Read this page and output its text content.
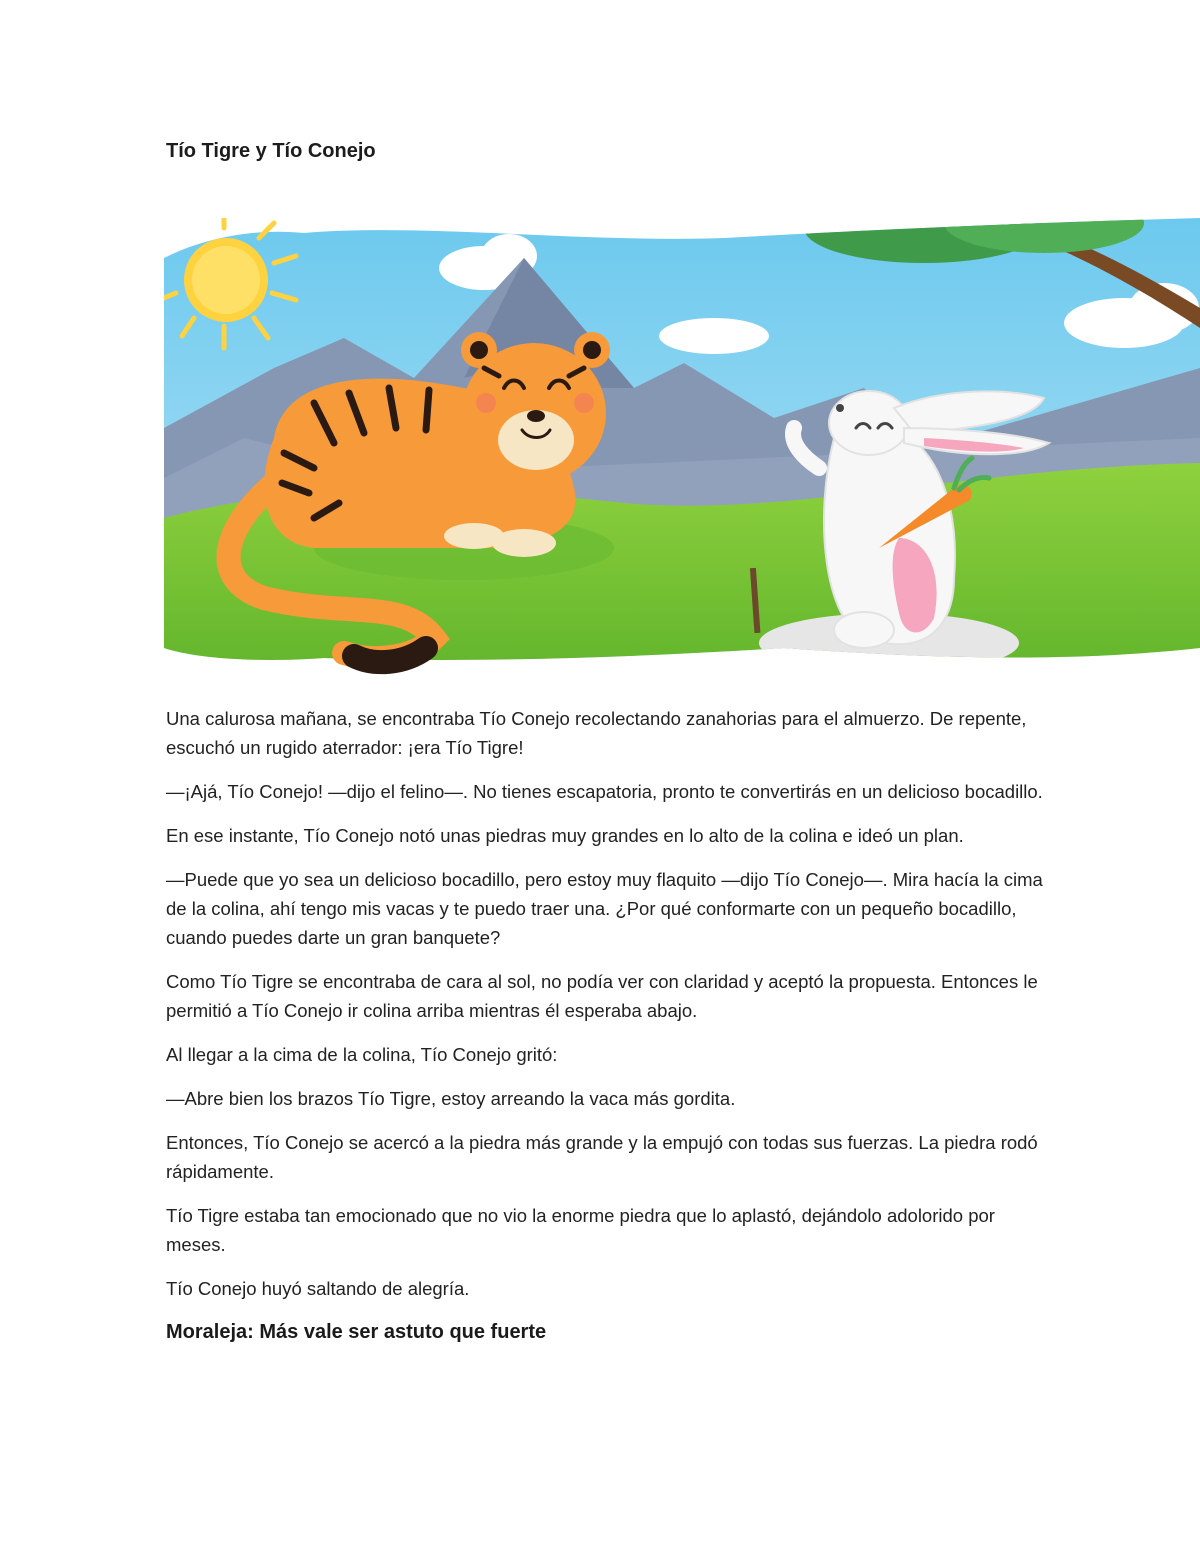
Tío Tigre y Tío Conejo

Una calurosa mañana, se encontraba Tío Conejo recolectando zanahorias para el almuerzo. De repente, escuchó un rugido aterrador: ¡era Tío Tigre!

—¡Ajá, Tío Conejo! —dijo el felino—. No tienes escapatoria, pronto te convertirás en un delicioso bocadillo.

En ese instante, Tío Conejo notó unas piedras muy grandes en lo alto de la colina e ideó un plan.

—Puede que yo sea un delicioso bocadillo, pero estoy muy flaquito —dijo Tío Conejo—. Mira hacía la cima de la colina, ahí tengo mis vacas y te puedo traer una. ¿Por qué conformarte con un pequeño bocadillo, cuando puedes darte un gran banquete?

Como Tío Tigre se encontraba de cara al sol, no podía ver con claridad y aceptó la propuesta. Entonces le permitió a Tío Conejo ir colina arriba mientras él esperaba abajo.

Al llegar a la cima de la colina, Tío Conejo gritó:

—Abre bien los brazos Tío Tigre, estoy arreando la vaca más gordita.

Entonces, Tío Conejo se acercó a la piedra más grande y la empujó con todas sus fuerzas. La piedra rodó rápidamente.

Tío Tigre estaba tan emocionado que no vio la enorme piedra que lo aplastó, dejándolo adolorido por meses.

Tío Conejo huyó saltando de alegría.

Moraleja: Más vale ser astuto que fuerte
